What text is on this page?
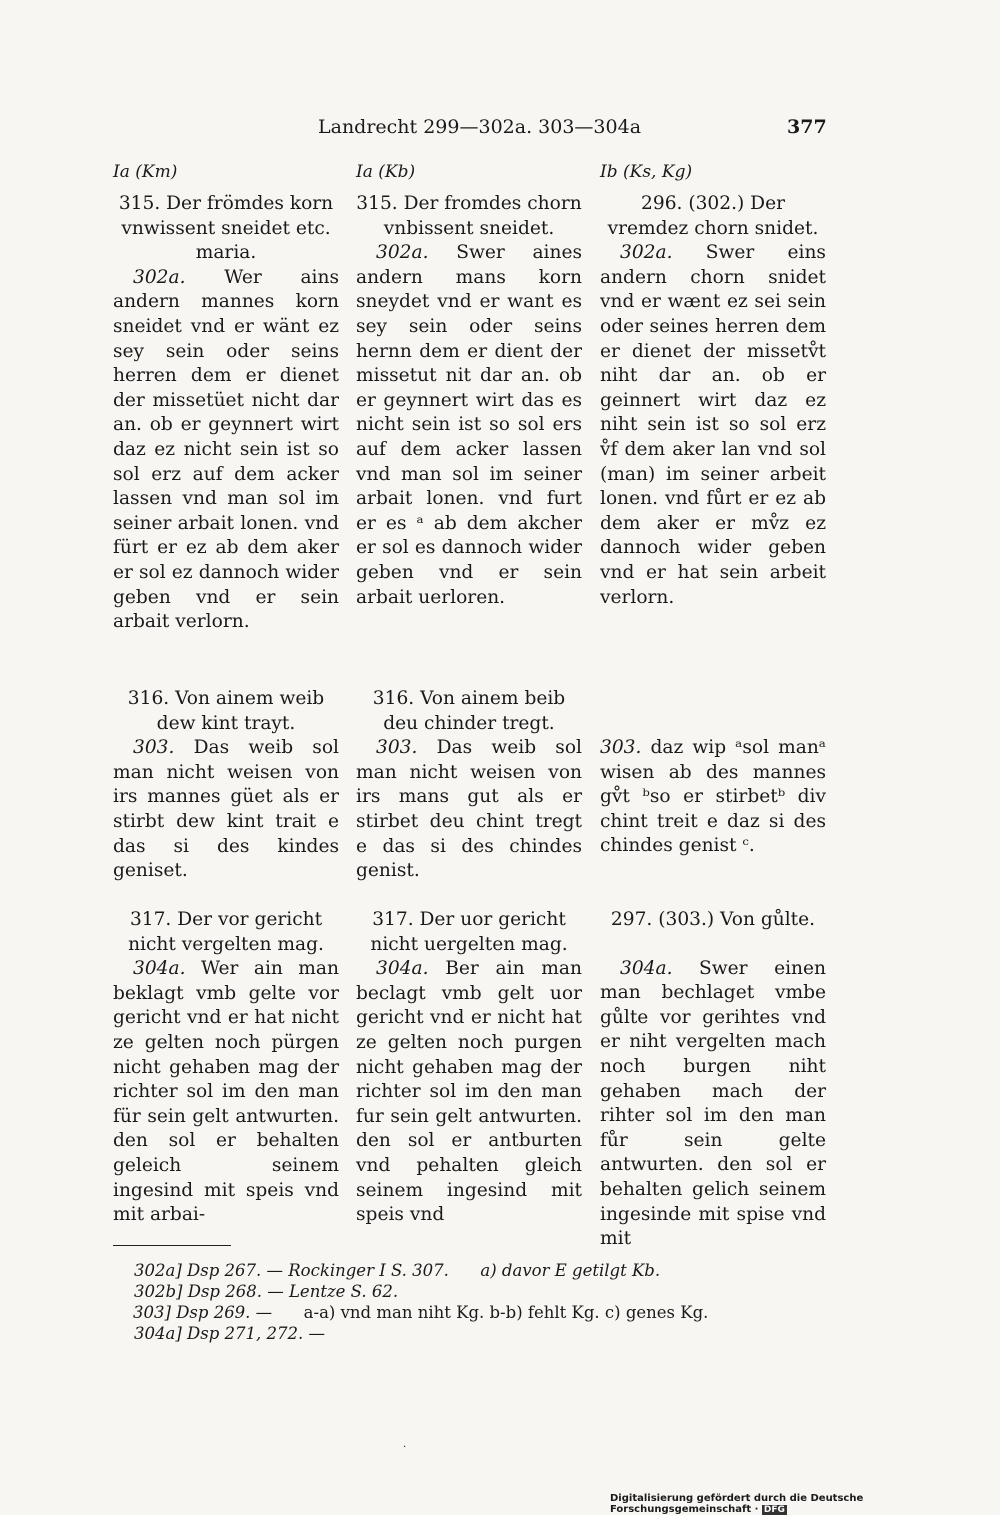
Landrecht 299—302a. 303—304a	377
Ia (Km)
315. Der frömdes korn vnwissent sneidet etc. maria.

302a. Wer ains andern mannes korn sneidet vnd er wänt ez sey sein oder seins herren dem er dienet der missetüet nicht dar an. ob er geynnert wirt daz ez nicht sein ist so sol erz auf dem acker lassen vnd man sol im seiner arbait lonen. vnd fürt er ez ab dem aker er sol ez dannoch wider geben vnd er sein arbait verlorn.

316. Von ainem weib dew kint trayt.

303. Das weib sol man nicht weisen von irs mannes güet als er stirbt dew kint trait e das si des kindes geniset.

317. Der vor gericht nicht vergelten mag.

304a. Wer ain man beklagt vmb gelte vor gericht vnd er hat nicht ze gelten noch pürgen nicht gehaben mag der richter sol im den man für sein gelt antwurten. den sol er behalten geleich seinem ingesind mit speis vnd mit arbai-

Ia (Kb)
315. Der fromdes chorn vnbissent sneidet.

302a. Swer aines andern mans korn sneydet vnd er want es sey sein oder seins hernn dem er dient der missetut nit dar an. ob er geynnert wirt das es nicht sein ist so sol ers auf dem acker lassen vnd man sol im seiner arbait lonen. vnd furt er es ᵃ ab dem akcher er sol es dannoch wider geben vnd er sein arbait uerloren.

316. Von ainem beib deu chinder tregt.

303. Das weib sol man nicht weisen von irs mans gut als er stirbet deu chint tregt e das si des chindes genist.

317. Der uor gericht nicht uergelten mag.

304a. Ber ain man beclagt vmb gelt uor gericht vnd er nicht hat ze gelten noch purgen nicht gehaben mag der richter sol im den man fur sein gelt antwurten. den sol er antburten vnd pehalten gleich seinem ingesind mit speis vnd

Ib (Ks, Kg)
296. (302.) Der vremdez chorn snidet.

302a. Swer eins andern chorn snidet vnd er wænt ez sei sein oder seines herren dem er dienet der missetv̊t niht dar an. ob er geinnert wirt daz ez niht sein ist so sol erz v̊f dem aker lan vnd sol (man) im seiner arbeit lonen. vnd fůrt er ez ab dem aker er mv̊z ez dannoch wider geben vnd er hat sein arbeit verlorn.

303. daz wip ᵃsol manᵃ wisen ab des mannes gv̊t ᵇso er stirbetᵇ div chint treit e daz si des chindes genist ᶜ.

297. (303.) Von gůlte.

304a. Swer einen man bechlaget vmbe gůlte vor gerihtes vnd er niht vergelten mach noch burgen niht gehaben mach der rihter sol im den man fůr sein gelte antwurten. den sol er behalten gelich seinem ingesinde mit spise vnd mit

302a] Dsp 267. — Rockinger I S. 307. a) davor E getilgt Kb.
302b] Dsp 268. — Lentze S. 62.
303] Dsp 269. — a-a) vnd man niht Kg. b-b) fehlt Kg. c) genes Kg.
304a] Dsp 271, 272. —
·
Digitalisierung gefördert durch die Deutsche Forschungsgemeinschaft · DFG
